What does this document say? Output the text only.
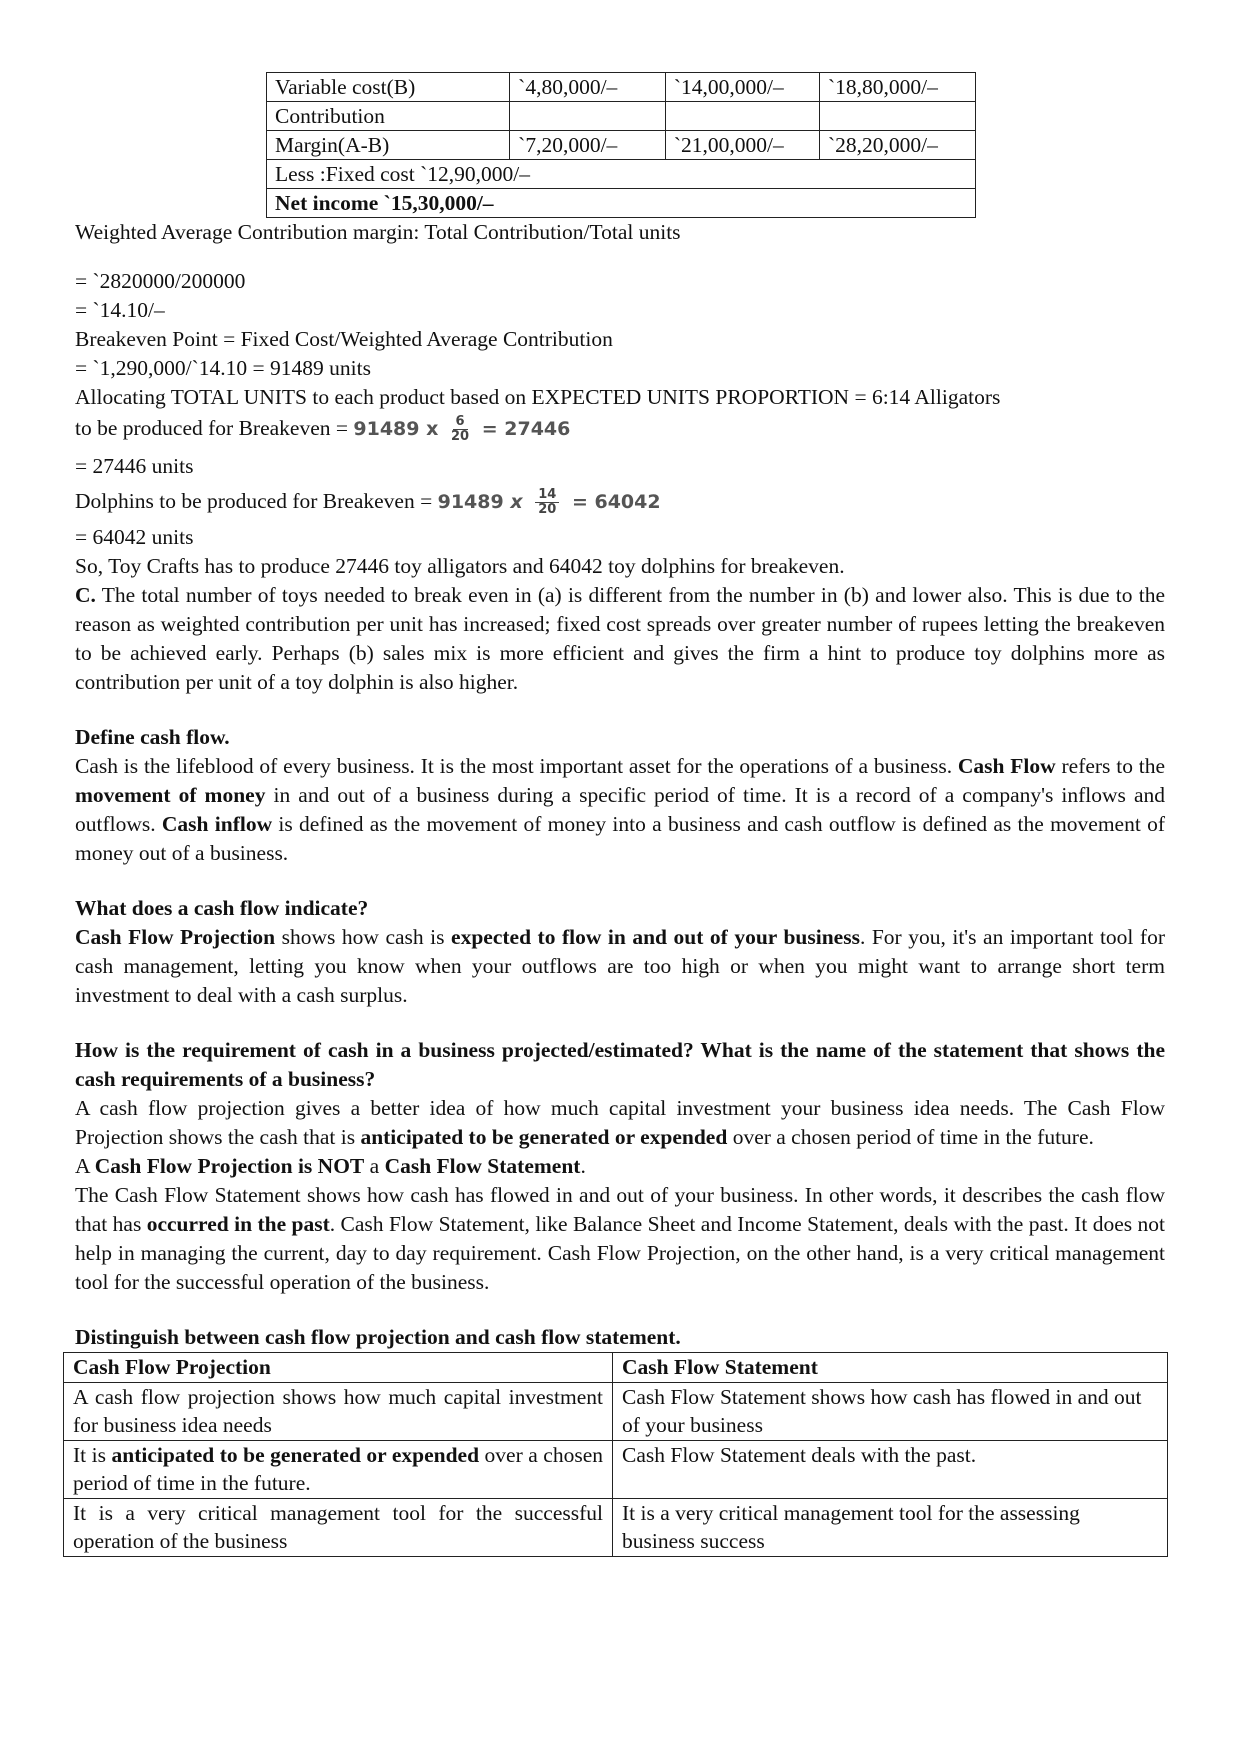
Variable cost(B)	`4,80,000/–	`14,00,000/–	`18,80,000/–
Contribution			
Margin(A-B)	`7,20,000/–	`21,00,000/–	`28,20,000/–
Less :Fixed cost `12,90,000/–			
Net income `15,30,000/–			

Weighted Average Contribution margin: Total Contribution/Total units

= `2820000/200000

= `14.10/–

Breakeven Point = Fixed Cost/Weighted Average Contribution

= `1,290,000/`14.10 = 91489 units

Allocating TOTAL UNITS to each product based on EXPECTED UNITS PROPORTION = 6:14 Alligators

to be produced for Breakeven = 91489 x $\frac{6}{20} = 27446$

= 27446 units

Dolphins to be produced for Breakeven = 91489 x $\frac{14}{20} = 64042$

= 64042 units

So, Toy Crafts has to produce 27446 toy alligators and 64042 toy dolphins for breakeven.

C. The total number of toys needed to break even in (a) is different from the number in (b) and lower also. This is due to the reason as weighted contribution per unit has increased; fixed cost spreads over greater number of rupees letting the breakeven to be achieved early. Perhaps (b) sales mix is more efficient and gives the firm a hint to produce toy dolphins more as contribution per unit of a toy dolphin is also higher.

Define cash flow.

Cash is the lifeblood of every business. It is the most important asset for the operations of a business. Cash Flow refers to the movement of money in and out of a business during a specific period of time. It is a record of a company's inflows and outflows. Cash inflow is defined as the movement of money into a business and cash outflow is defined as the movement of money out of a business.

What does a cash flow indicate?

Cash Flow Projection shows how cash is expected to flow in and out of your business. For you, it's an important tool for cash management, letting you know when your outflows are too high or when you might want to arrange short term investment to deal with a cash surplus.

How is the requirement of cash in a business projected/estimated? What is the name of the statement that shows the cash requirements of a business?

A cash flow projection gives a better idea of how much capital investment your business idea needs. The Cash Flow Projection shows the cash that is anticipated to be generated or expended over a chosen period of time in the future.

A Cash Flow Projection is NOT a Cash Flow Statement.

The Cash Flow Statement shows how cash has flowed in and out of your business. In other words, it describes the cash flow that has occurred in the past. Cash Flow Statement, like Balance Sheet and Income Statement, deals with the past. It does not help in managing the current, day to day requirement. Cash Flow Projection, on the other hand, is a very critical management tool for the successful operation of the business.

Distinguish between cash flow projection and cash flow statement.

Cash Flow Projection	Cash Flow Statement
A cash flow projection shows how much capital investment for business idea needs	Cash Flow Statement shows how cash has flowed in and out of your business
It is anticipated to be generated or expended over a chosen period of time in the future.	Cash Flow Statement deals with the past.
It is a very critical management tool for the successful operation of the business	It is a very critical management tool for the assessing business success
